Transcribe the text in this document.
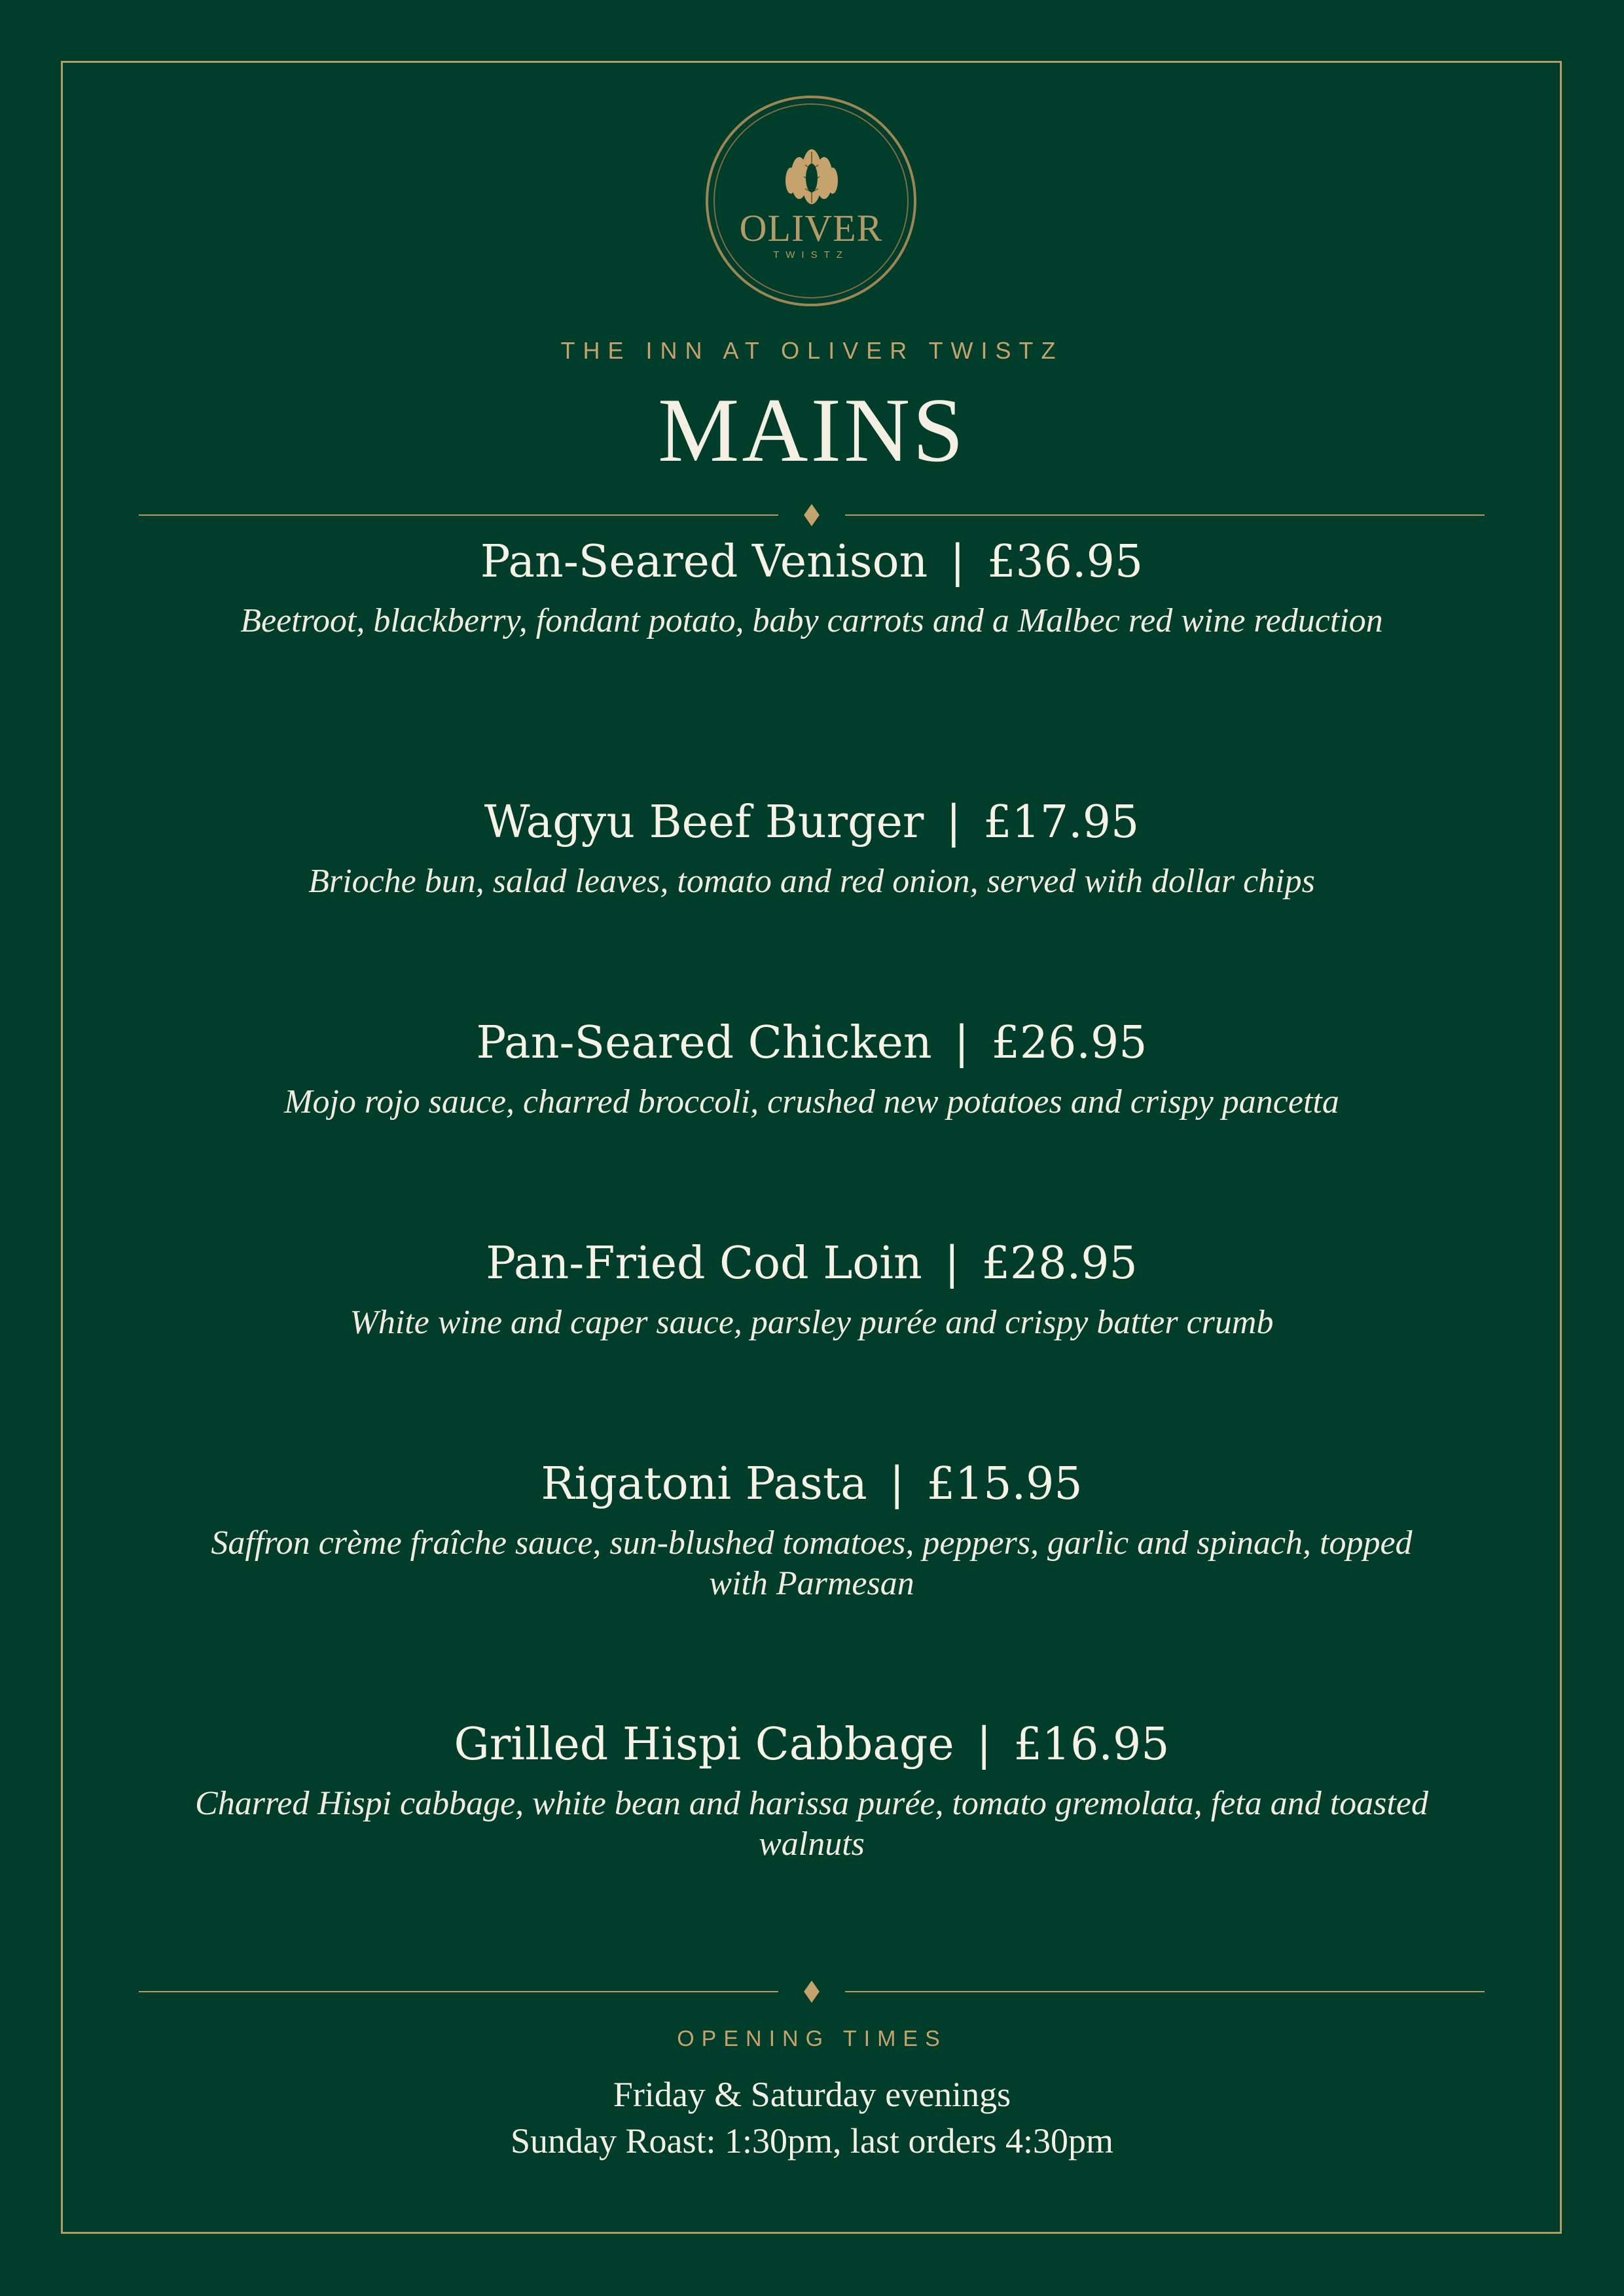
OLIVER
TWISTZ
THE INN AT OLIVER TWISTZ
MAINS
Pan-Seared Venison | £36.95
Beetroot, blackberry, fondant potato, baby carrots and a Malbec red wine reduction
Wagyu Beef Burger | £17.95
Brioche bun, salad leaves, tomato and red onion, served with dollar chips
Pan-Seared Chicken | £26.95
Mojo rojo sauce, charred broccoli, crushed new potatoes and crispy pancetta
Pan-Fried Cod Loin | £28.95
White wine and caper sauce, parsley purée and crispy batter crumb
Rigatoni Pasta | £15.95
Saffron crème fraîche sauce, sun-blushed tomatoes, peppers, garlic and spinach, topped with Parmesan
Grilled Hispi Cabbage | £16.95
Charred Hispi cabbage, white bean and harissa purée, tomato gremolata, feta and toasted walnuts
OPENING TIMES
Friday & Saturday evenings
Sunday Roast: 1:30pm, last orders 4:30pm
